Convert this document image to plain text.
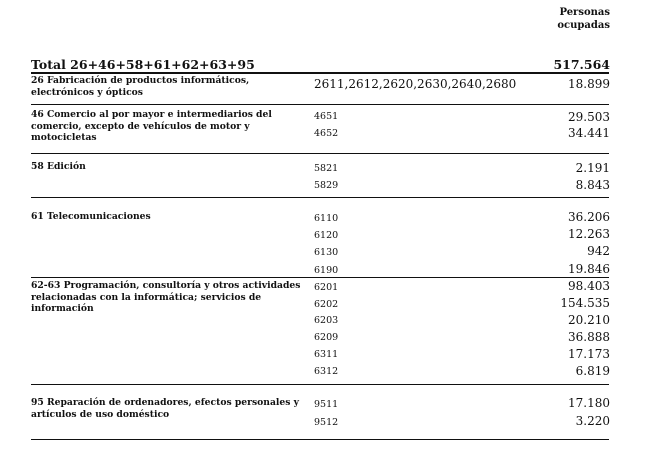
Personas
ocupadas
Total 26+46+58+61+62+63+95	517.564
26 Fabricación de productos informáticos, electrónicos y ópticos
2611,2612,2620,2630,2640,2680	18.899
46 Comercio al por mayor e intermediarios del comercio, excepto de vehículos de motor y motocicletas
4651	29.503
4652	34.441
58 Edición	5821	2.191
5829	8.843
61 Telecomunicaciones	6110	36.206
6120	12.263
6130	942
6190	19.846
62-63 Programación, consultoría y otros actividades relacionadas con la informática; servicios de información
6201	98.403
6202	154.535
6203	20.210
6209	36.888
6311	17.173
6312	6.819
95 Reparación de ordenadores, efectos personales y artículos de uso doméstico
9511	17.180
9512	3.220
